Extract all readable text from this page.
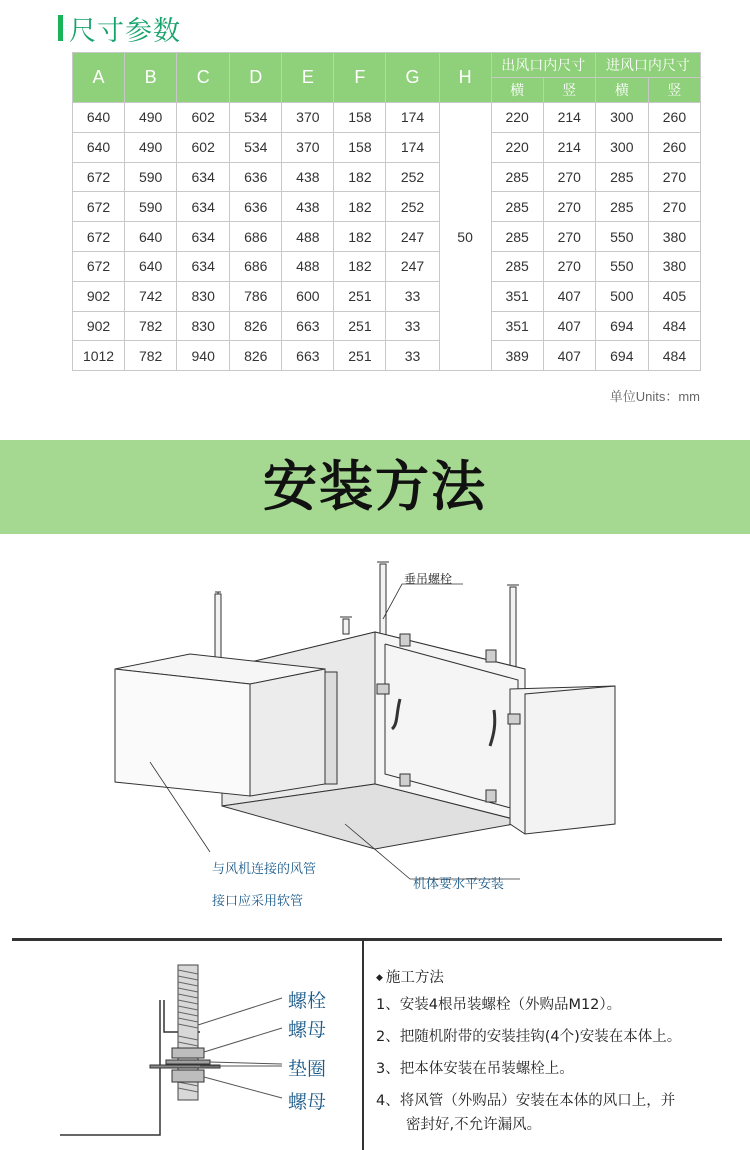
尺寸参数
A	B	C	D	E	F	G	H	出风口内尺寸		进风口内尺寸	
								横	竖	横	竖
640	490	602	534	370	158	174	50	220	214	300	260
640	490	602	534	370	158	174		220	214	300	260
672	590	634	636	438	182	252		285	270	285	270
672	590	634	636	438	182	252		285	270	285	270
672	640	634	686	488	182	247		285	270	550	380
672	640	634	686	488	182	247		285	270	550	380
902	742	830	786	600	251	33		351	407	500	405
902	782	830	826	663	251	33		351	407	694	484
1012	782	940	826	663	251	33		389	407	694	484
单位Units：mm
安装方法
垂吊螺栓
与风机连接的风管
接口应采用软管
机体要水平安装
螺栓
螺母
垫圈
螺母
◆ 施工方法
1、安装4根吊装螺栓（外购品M12）。
2、把随机附带的安装挂钩(4个)安装在本体上。
3、把本体安装在吊装螺栓上。
4、将风管（外购品）安装在本体的风口上，并
密封好,不允许漏风。
